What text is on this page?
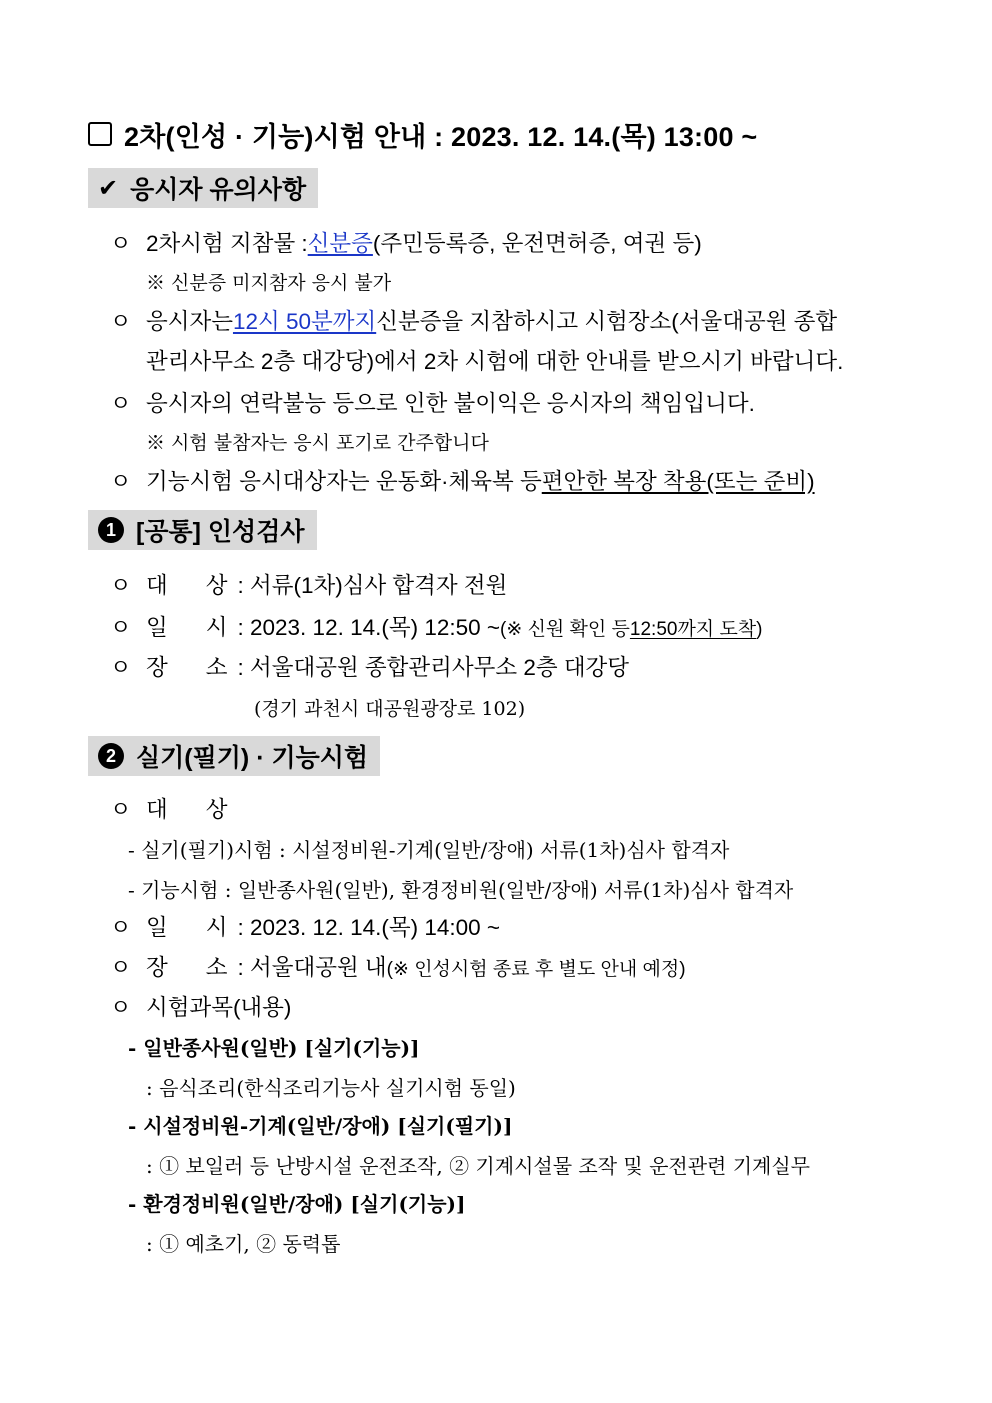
2차(인성 · 기능)시험 안내 : 2023. 12. 14.(목) 13:00 ~
✔ 응시자 유의사항
ㅇ 2차시험 지참물 : 신분증 (주민등록증, 운전면허증, 여권 등)
※ 신분증 미지참자 응시 불가
ㅇ 응시자는 12시 50분까지 신분증을 지참하시고 시험장소(서울대공원 종합
관리사무소 2층 대강당)에서 2차 시험에 대한 안내를 받으시기 바랍니다.
ㅇ 응시자의 연락불능 등으로 인한 불이익은 응시자의 책임입니다.
※ 시험 불참자는 응시 포기로 간주합니다
ㅇ 기능시험 응시대상자는 운동화·체육복 등 편안한 복장 착용(또는 준비)
1 [공통] 인성검사
ㅇ 대 상 : 서류(1차)심사 합격자 전원
ㅇ 일 시 : 2023. 12. 14.(목) 12:50 ~ (※ 신원 확인 등 12:50까지 도착 )
ㅇ 장 소 : 서울대공원 종합관리사무소 2층 대강당
(경기 과천시 대공원광장로 102)
2 실기(필기) · 기능시험
ㅇ 대 상
- 실기(필기)시험 : 시설정비원-기계(일반/장애) 서류(1차)심사 합격자
- 기능시험 : 일반종사원(일반), 환경정비원(일반/장애) 서류(1차)심사 합격자
ㅇ 일 시 : 2023. 12. 14.(목) 14:00 ~
ㅇ 장 소 : 서울대공원 내 (※ 인성시험 종료 후 별도 안내 예정)
ㅇ 시험과목(내용)
- 일반종사원(일반) [실기(기능)]
: 음식조리(한식조리기능사 실기시험 동일)
- 시설정비원-기계(일반/장애) [실기(필기)]
: ① 보일러 등 난방시설 운전조작, ② 기계시설물 조작 및 운전관련 기계실무
- 환경정비원(일반/장애) [실기(기능)]
: ① 예초기, ② 동력톱
